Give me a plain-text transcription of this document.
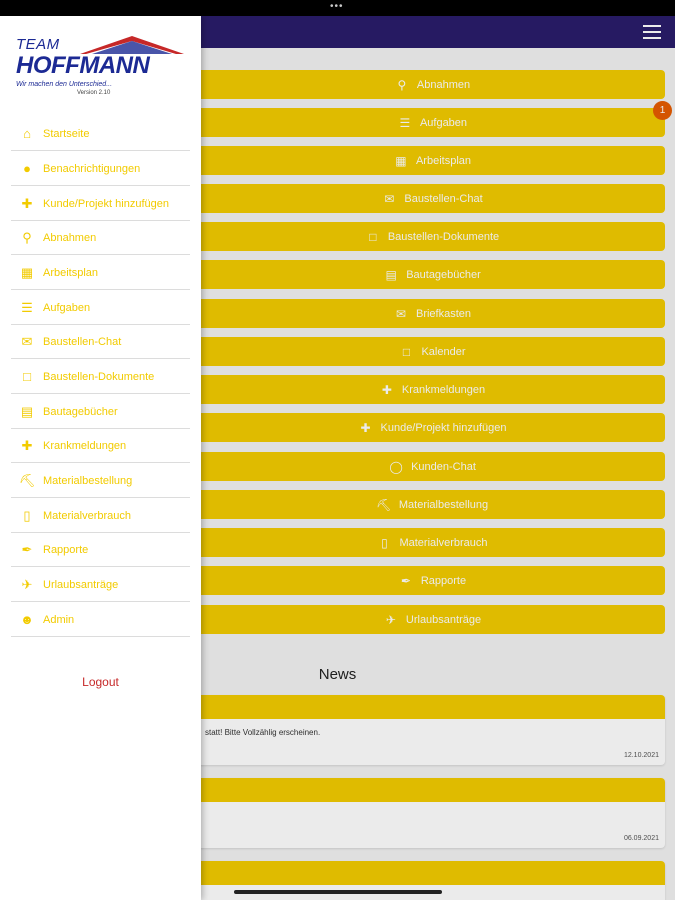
•••
⚲ Abnahmen
☰ Aufgaben
▦ Arbeitsplan
✉ Baustellen-Chat
□	Baustellen-Dokumente
▤ Bautagebücher
✉ Briefkasten
□	Kalender
✚ Krankmeldungen
✚ Kunde/Projekt hinzufügen
◯ Kunden-Chat
⛏ Materialbestellung
▯	Materialverbrauch
✒ Rapporte
✈ Urlaubsanträge
1
News
statt! Bitte Vollzählig erscheinen.
12.10.2021
06.09.2021
TEAM
HOFFMANN
Wir machen den Unterschied...
Version 2.10
⌂	Startseite
●	Benachrichtigungen
✚ Kunde/Projekt hinzufügen
⚲	Abnahmen
▦ Arbeitsplan
☰ Aufgaben
✉ Baustellen-Chat
□	Baustellen-Dokumente
▤ Bautagebücher
✚ Krankmeldungen
⛏ Materialbestellung
▯	Materialverbrauch
✒ Rapporte
✈ Urlaubsanträge
☻ Admin
Logout
